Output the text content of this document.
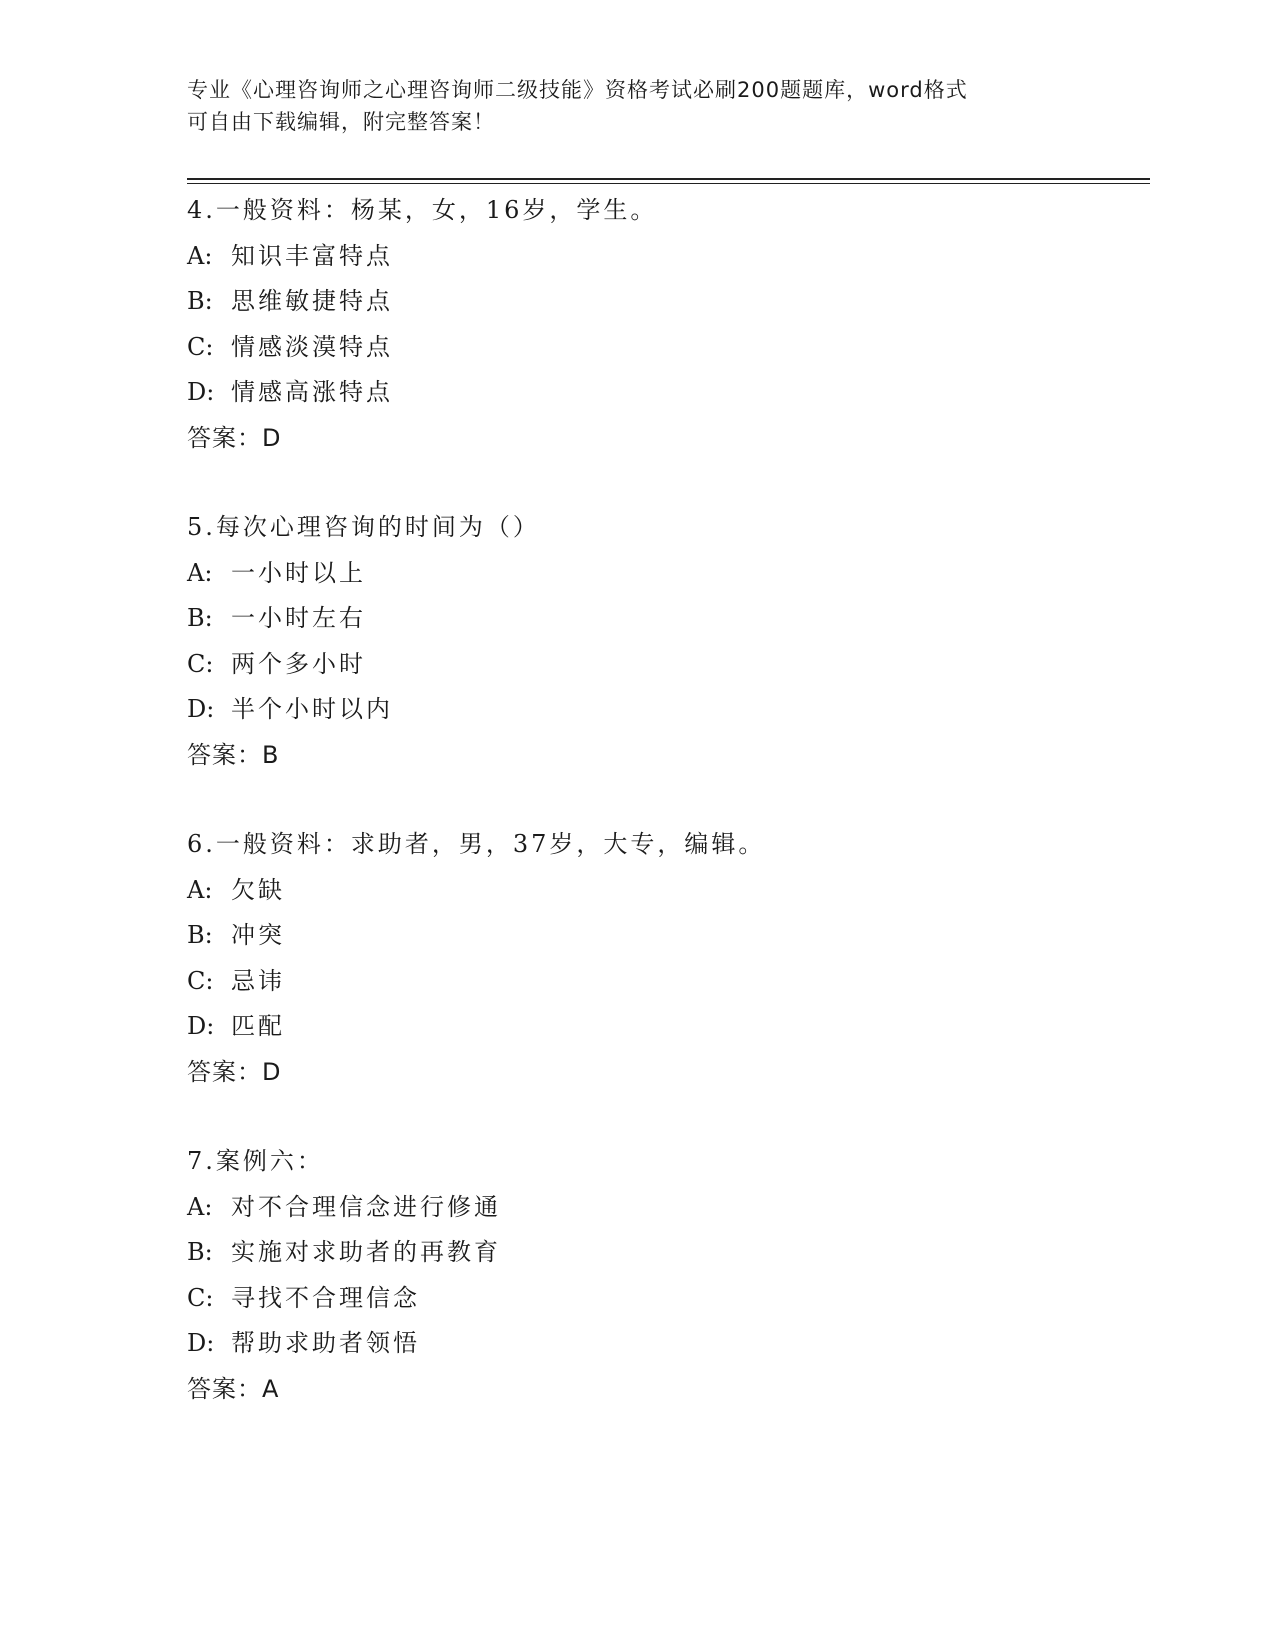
专业《心理咨询师之心理咨询师二级技能》资格考试必刷200题题库，word格式
可自由下载编辑，附完整答案！
4.一般资料：杨某，女，16岁，学生。
A: 知识丰富特点
B: 思维敏捷特点
C: 情感淡漠特点
D: 情感高涨特点
答案：D
5.每次心理咨询的时间为（）
A: 一小时以上
B: 一小时左右
C: 两个多小时
D: 半个小时以内
答案：B
6.一般资料：求助者，男，37岁，大专，编辑。
A: 欠缺
B: 冲突
C: 忌讳
D: 匹配
答案：D
7.案例六：
A: 对不合理信念进行修通
B: 实施对求助者的再教育
C: 寻找不合理信念
D: 帮助求助者领悟
答案：A
